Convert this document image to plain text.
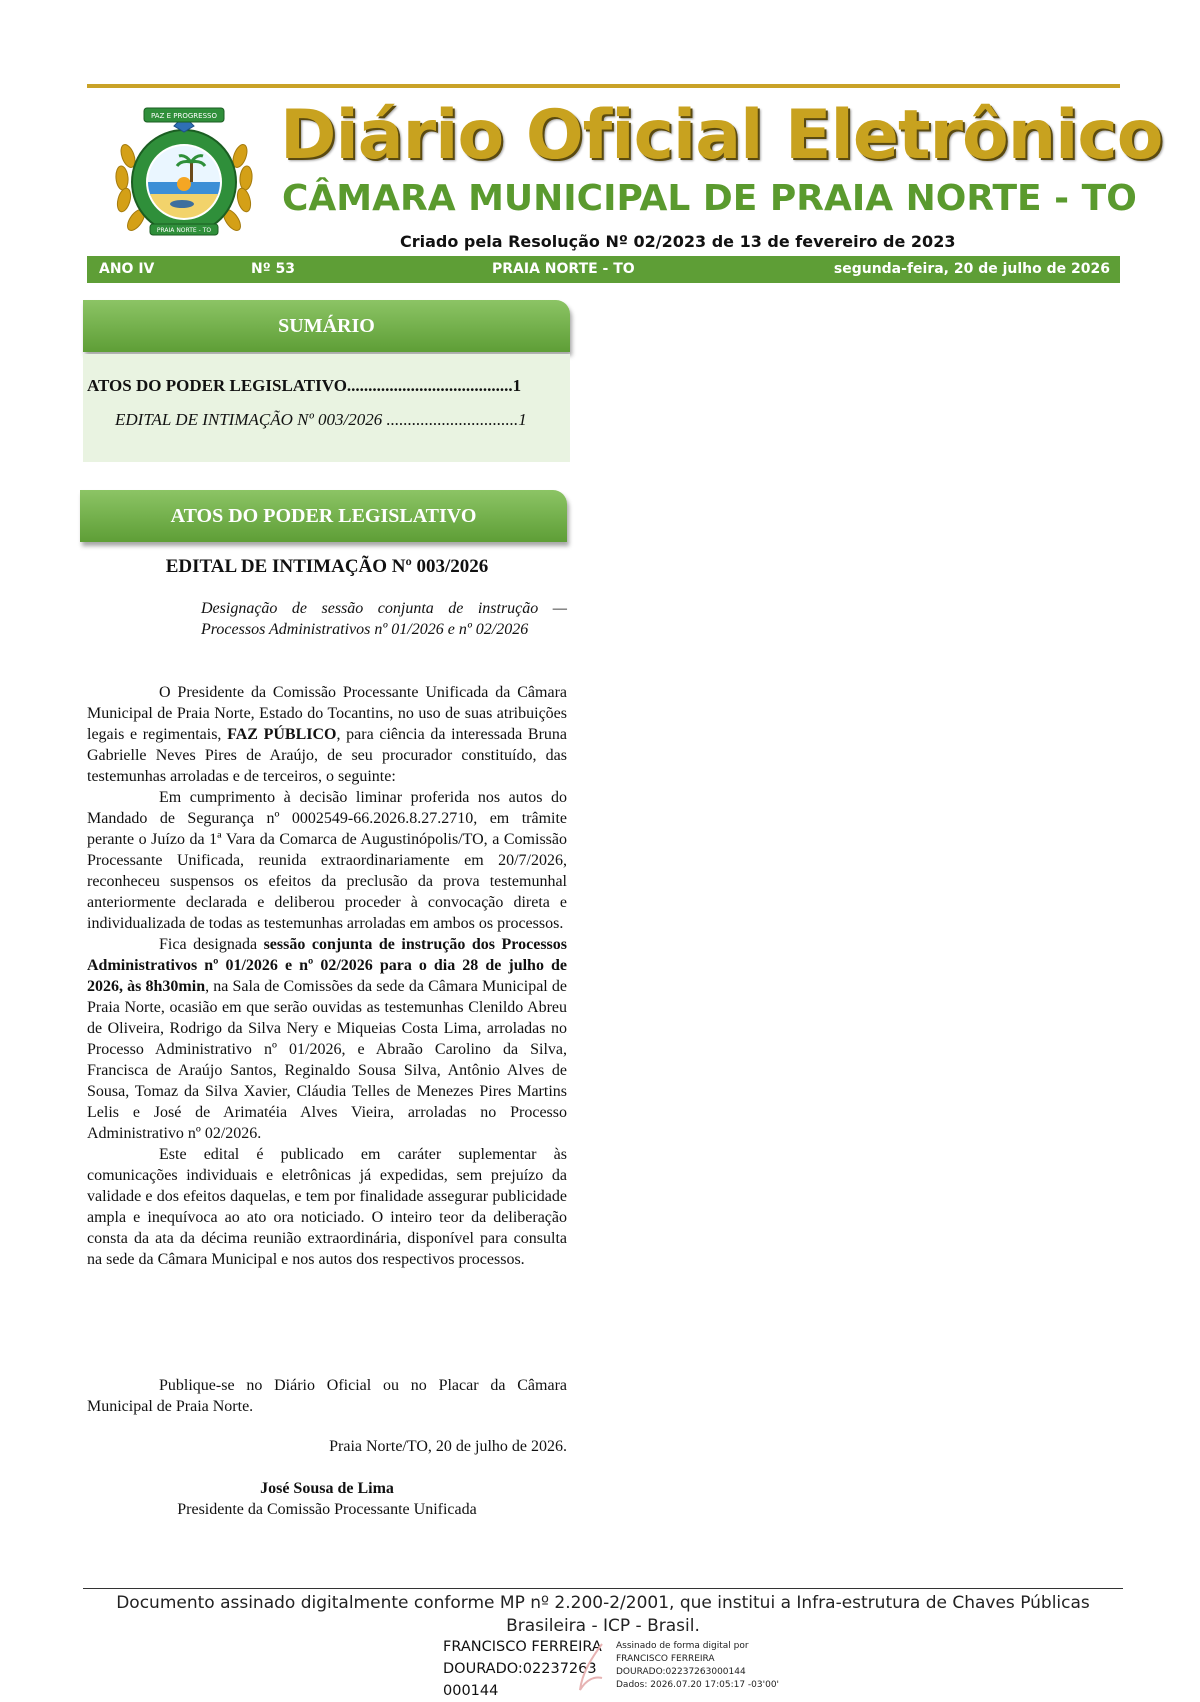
PAZ E PROGRESSO
PRAIA NORTE - TO
Diário Oficial Eletrônico
CÂMARA MUNICIPAL DE PRAIA NORTE - TO
Criado pela Resolução Nº 02/2023 de 13 de fevereiro de 2023
ANO IV	Nº 53	PRAIA NORTE - TO	segunda-feira, 20 de julho de 2026
SUMÁRIO
ATOS DO PODER LEGISLATIVO.......................................1
EDITAL DE INTIMAÇÃO Nº 003/2026 ...............................1
ATOS DO PODER LEGISLATIVO
EDITAL DE INTIMAÇÃO Nº 003/2026
Designação de sessão conjunta de instrução — Processos Administrativos nº 01/2026 e nº 02/2026

O Presidente da Comissão Processante Unificada da Câmara Municipal de Praia Norte, Estado do Tocantins, no uso de suas atribuições legais e regimentais, FAZ PÚBLICO, para ciência da interessada Bruna Gabrielle Neves Pires de Araújo, de seu procurador constituído, das testemunhas arroladas e de terceiros, o seguinte:

Em cumprimento à decisão liminar proferida nos autos do Mandado de Segurança nº 0002549-66.2026.8.27.2710, em trâmite perante o Juízo da 1ª Vara da Comarca de Augustinópolis/TO, a Comissão Processante Unificada, reunida extraordinariamente em 20/7/2026, reconheceu suspensos os efeitos da preclusão da prova testemunhal anteriormente declarada e deliberou proceder à convocação direta e individualizada de todas as testemunhas arroladas em ambos os processos.

Fica designada sessão conjunta de instrução dos Processos Administrativos nº 01/2026 e nº 02/2026 para o dia 28 de julho de 2026, às 8h30min, na Sala de Comissões da sede da Câmara Municipal de Praia Norte, ocasião em que serão ouvidas as testemunhas Clenildo Abreu de Oliveira, Rodrigo da Silva Nery e Miqueias Costa Lima, arroladas no Processo Administrativo nº 01/2026, e Abraão Carolino da Silva, Francisca de Araújo Santos, Reginaldo Sousa Silva, Antônio Alves de Sousa, Tomaz da Silva Xavier, Cláudia Telles de Menezes Pires Martins Lelis e José de Arimatéia Alves Vieira, arroladas no Processo Administrativo nº 02/2026.

Este edital é publicado em caráter suplementar às comunicações individuais e eletrônicas já expedidas, sem prejuízo da validade e dos efeitos daquelas, e tem por finalidade assegurar publicidade ampla e inequívoca ao ato ora noticiado. O inteiro teor da deliberação consta da ata da décima reunião extraordinária, disponível para consulta na sede da Câmara Municipal e nos autos dos respectivos processos.

Publique-se no Diário Oficial ou no Placar da Câmara Municipal de Praia Norte.

Praia Norte/TO, 20 de julho de 2026.
José Sousa de Lima
Presidente da Comissão Processante Unificada
Documento assinado digitalmente conforme MP nº 2.200-2/2001, que institui a Infra-estrutura de Chaves Públicas Brasileira - ICP - Brasil.
FRANCISCO FERREIRA
DOURADO:02237263
000144
Assinado de forma digital por
FRANCISCO FERREIRA
DOURADO:02237263000144
Dados: 2026.07.20 17:05:17 -03'00'
